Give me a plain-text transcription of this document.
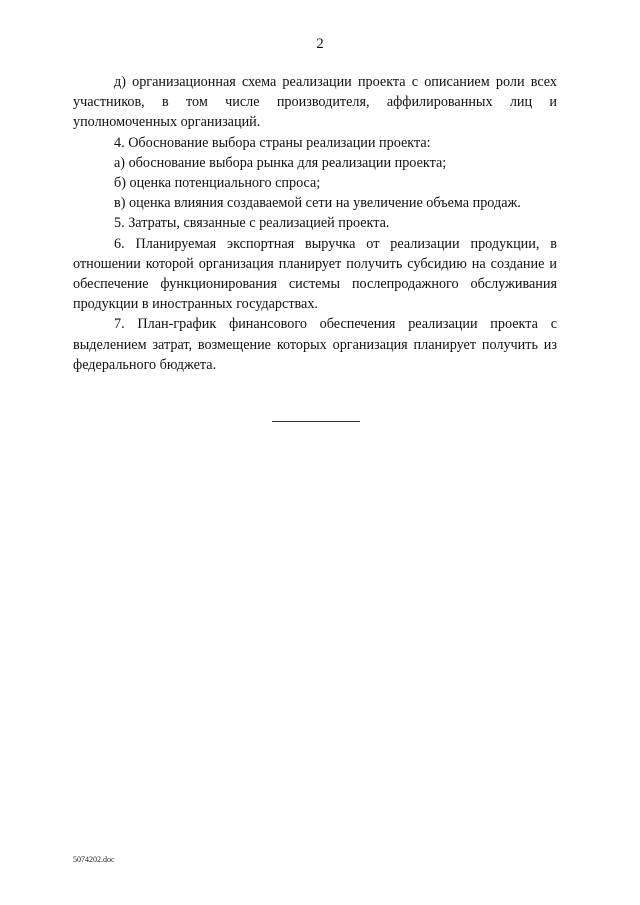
2

д) организационная схема реализации проекта с описанием роли всех участников, в том числе производителя, аффилированных лиц и уполномоченных организаций.

4. Обоснование выбора страны реализации проекта:

а) обоснование выбора рынка для реализации проекта;

б) оценка потенциального спроса;

в) оценка влияния создаваемой сети на увеличение объема продаж.

5. Затраты, связанные с реализацией проекта.

6. Планируемая экспортная выручка от реализации продукции, в отношении которой организация планирует получить субсидию на создание и обеспечение функционирования системы послепродажного обслуживания продукции в иностранных государствах.

7. План-график финансового обеспечения реализации проекта с выделением затрат, возмещение которых организация планирует получить из федерального бюджета.

5074202.doc
